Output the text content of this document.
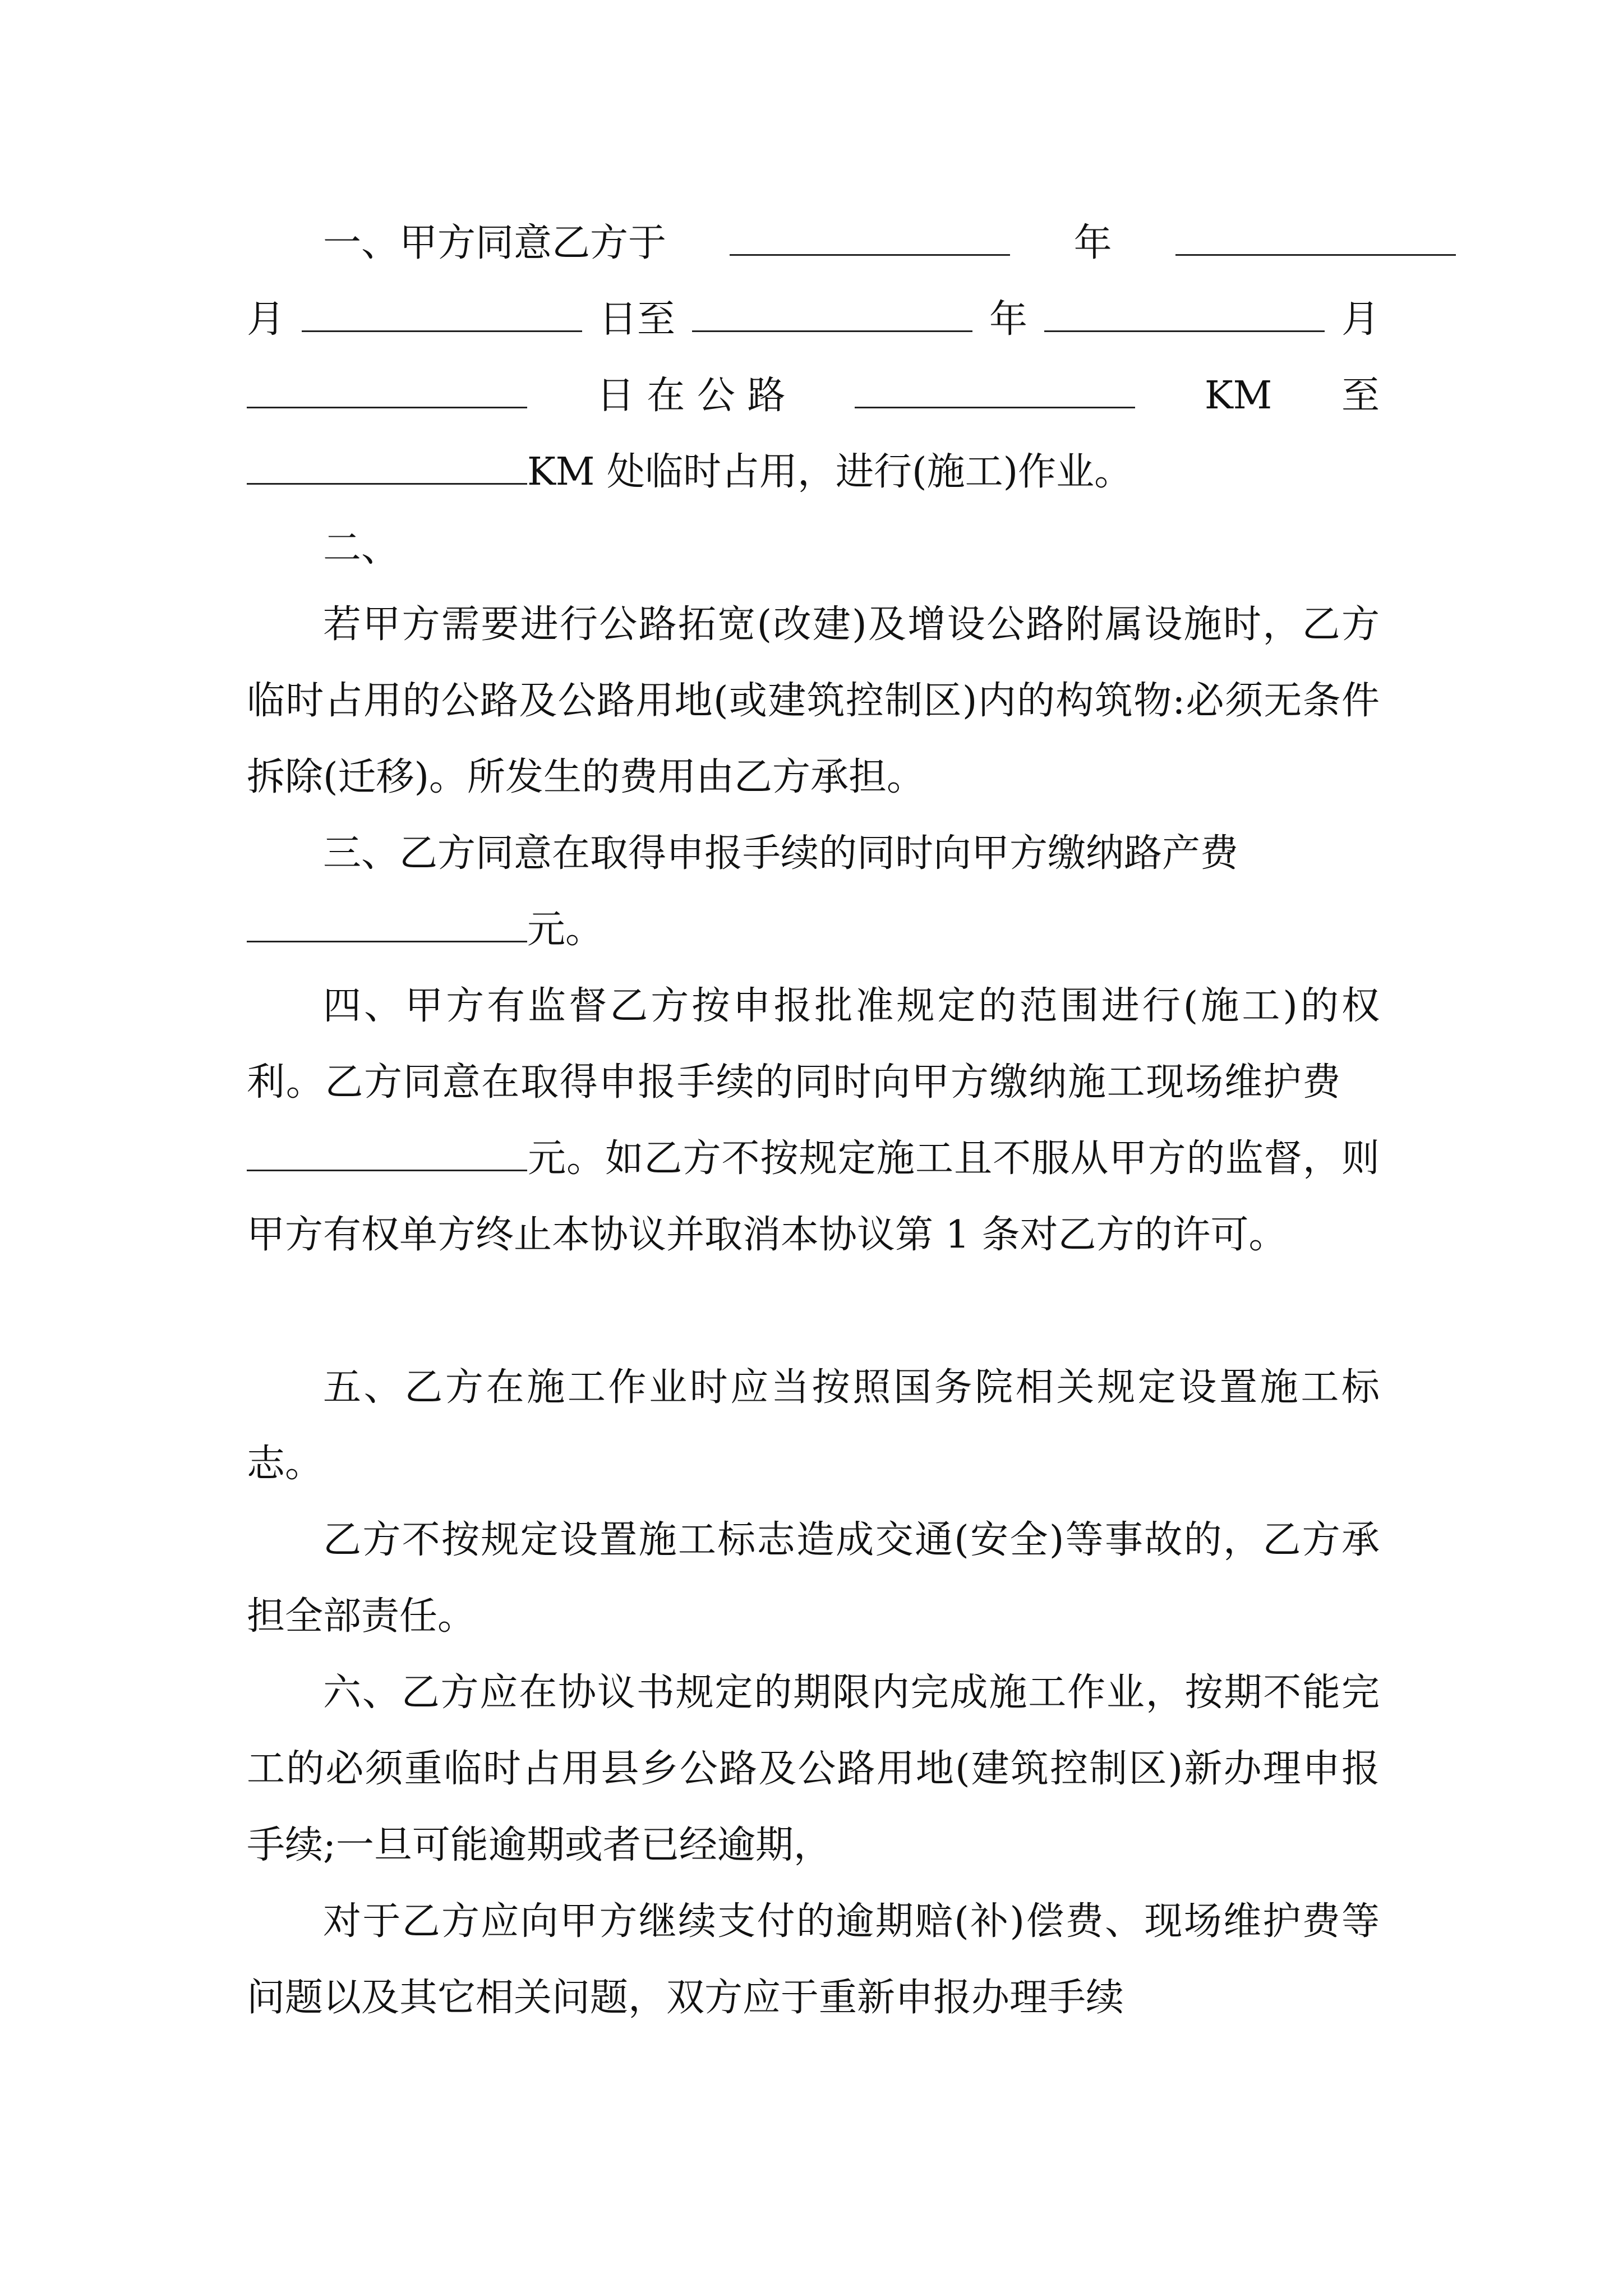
一、甲方同意乙方于	年
月	日至	年	月
日 在 公 路	KM 至
KM 处临时占用，进行(施工)作业。
二、

若甲方需要进行公路拓宽(改建)及增设公路附属设施时，乙方临时占用的公路及公路用地(或建筑控制区)内的构筑物:必须无条件拆除(迁移)。所发生的费用由乙方承担。

三、乙方同意在取得申报手续的同时向甲方缴纳路产费
元。

四、甲方有监督乙方按申报批准规定的范围进行(施工)的权利。乙方同意在取得申报手续的同时向甲方缴纳施工现场维护费 元。如乙方不按规定施工且不服从甲方的监督，则甲方有权单方终止本协议并取消本协议第 1 条对乙方的许可。

五、乙方在施工作业时应当按照国务院相关规定设置施工标志。

乙方不按规定设置施工标志造成交通(安全)等事故的，乙方承担全部责任。

六、乙方应在协议书规定的期限内完成施工作业，按期不能完工的必须重临时占用县乡公路及公路用地(建筑控制区)新办理申报手续;一旦可能逾期或者已经逾期，

对于乙方应向甲方继续支付的逾期赔(补)偿费、现场维护费等问题以及其它相关问题，双方应于重新申报办理手续
